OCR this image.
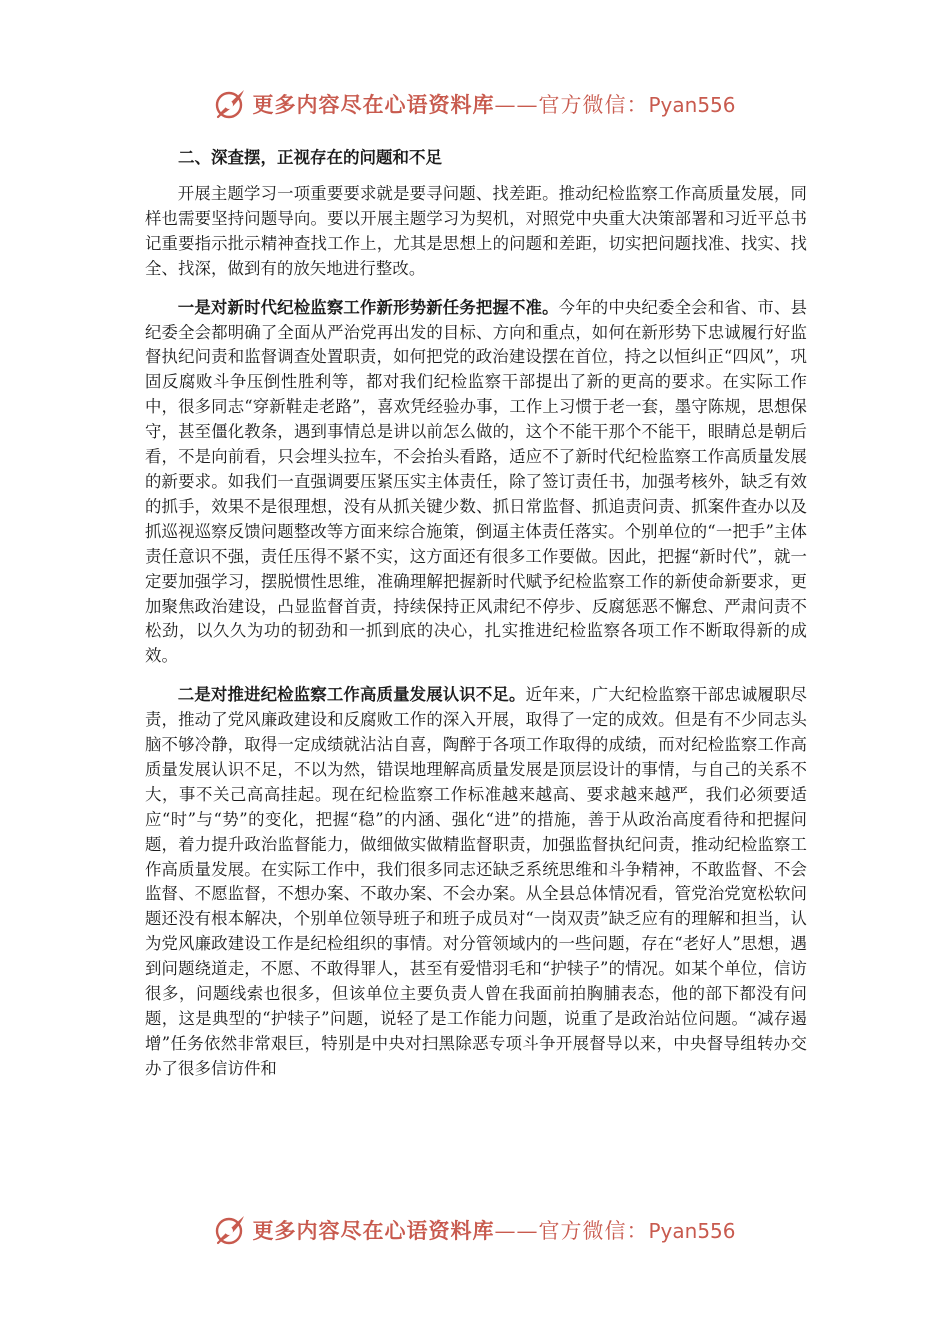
更多内容尽在心语资料库——官方微信：Pyan556
二、深查摆，正视存在的问题和不足

开展主题学习一项重要要求就是要寻问题、找差距。推动纪检监察工作高质量发展，同样也需要坚持问题导向。要以开展主题学习为契机，对照党中央重大决策部署和习近平总书记重要指示批示精神查找工作上，尤其是思想上的问题和差距，切实把问题找准、找实、找全、找深，做到有的放矢地进行整改。

一是对新时代纪检监察工作新形势新任务把握不准。今年的中央纪委全会和省、市、县纪委全会都明确了全面从严治党再出发的目标、方向和重点，如何在新形势下忠诚履行好监督执纪问责和监督调查处置职责，如何把党的政治建设摆在首位，持之以恒纠正“四风”，巩固反腐败斗争压倒性胜利等，都对我们纪检监察干部提出了新的更高的要求。在实际工作中，很多同志“穿新鞋走老路”，喜欢凭经验办事，工作上习惯于老一套，墨守陈规，思想保守，甚至僵化教条，遇到事情总是讲以前怎么做的，这个不能干那个不能干，眼睛总是朝后看，不是向前看，只会埋头拉车，不会抬头看路，适应不了新时代纪检监察工作高质量发展的新要求。如我们一直强调要压紧压实主体责任，除了签订责任书，加强考核外，缺乏有效的抓手，效果不是很理想，没有从抓关键少数、抓日常监督、抓追责问责、抓案件查办以及抓巡视巡察反馈问题整改等方面来综合施策，倒逼主体责任落实。个别单位的“一把手”主体责任意识不强，责任压得不紧不实，这方面还有很多工作要做。因此，把握“新时代”，就一定要加强学习，摆脱惯性思维，准确理解把握新时代赋予纪检监察工作的新使命新要求，更加聚焦政治建设，凸显监督首责，持续保持正风肃纪不停步、反腐惩恶不懈怠、严肃问责不松劲，以久久为功的韧劲和一抓到底的决心，扎实推进纪检监察各项工作不断取得新的成效。

二是对推进纪检监察工作高质量发展认识不足。近年来，广大纪检监察干部忠诚履职尽责，推动了党风廉政建设和反腐败工作的深入开展，取得了一定的成效。但是有不少同志头脑不够冷静，取得一定成绩就沾沾自喜，陶醉于各项工作取得的成绩，而对纪检监察工作高质量发展认识不足，不以为然，错误地理解高质量发展是顶层设计的事情，与自己的关系不大，事不关己高高挂起。现在纪检监察工作标准越来越高、要求越来越严，我们必须要适应“时”与“势”的变化，把握“稳”的内涵、强化“进”的措施，善于从政治高度看待和把握问题，着力提升政治监督能力，做细做实做精监督职责，加强监督执纪问责，推动纪检监察工作高质量发展。在实际工作中，我们很多同志还缺乏系统思维和斗争精神，不敢监督、不会监督、不愿监督，不想办案、不敢办案、不会办案。从全县总体情况看，管党治党宽松软问题还没有根本解决，个别单位领导班子和班子成员对“一岗双责”缺乏应有的理解和担当，认为党风廉政建设工作是纪检组织的事情。对分管领域内的一些问题，存在“老好人”思想，遇到问题绕道走，不愿、不敢得罪人，甚至有爱惜羽毛和“护犊子”的情况。如某个单位，信访很多，问题线索也很多，但该单位主要负责人曾在我面前拍胸脯表态，他的部下都没有问题，这是典型的“护犊子”问题，说轻了是工作能力问题，说重了是政治站位问题。“减存遏增”任务依然非常艰巨，特别是中央对扫黑除恶专项斗争开展督导以来，中央督导组转办交办了很多信访件和

更多内容尽在心语资料库——官方微信：Pyan556
